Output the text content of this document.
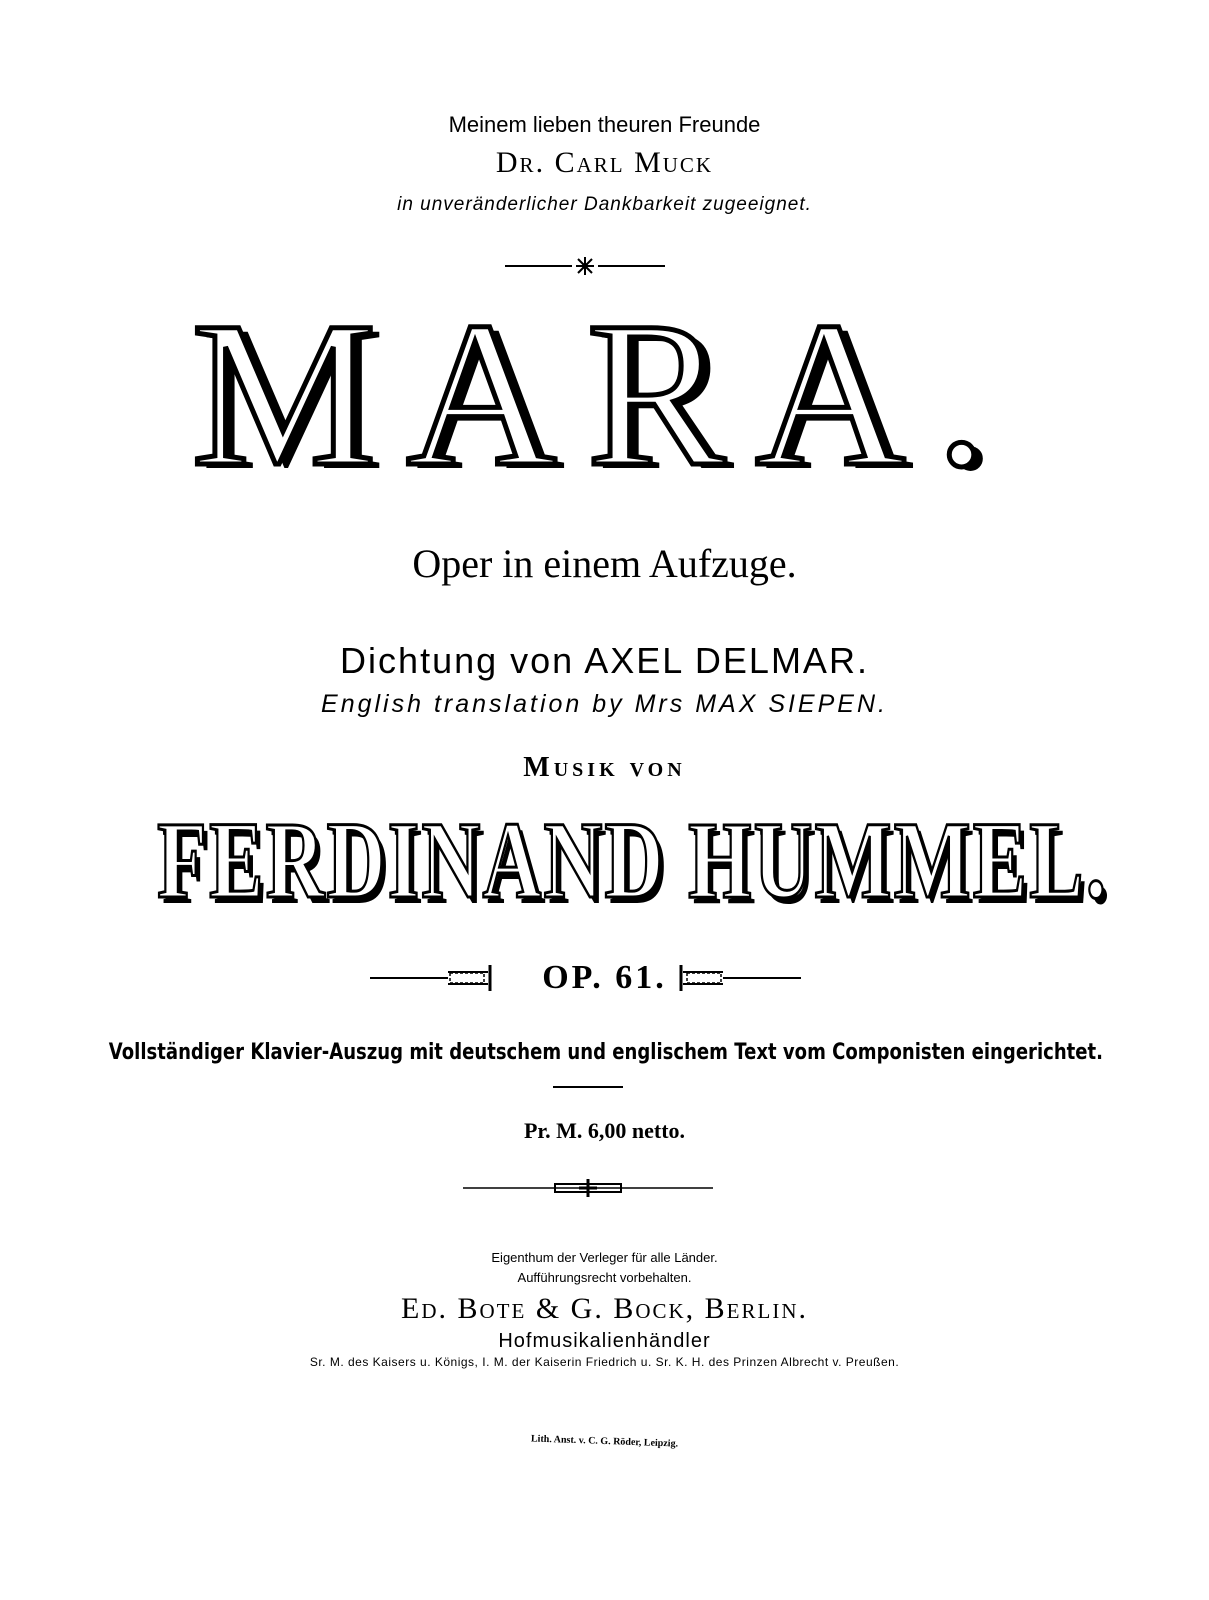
Meinem lieben theuren Freunde
Dr. Carl Muck
in unveränderlicher Dankbarkeit zugeeignet.
MARA.
Oper in einem Aufzuge.
Dichtung von AXEL DELMAR.
English translation by Mrs MAX SIEPEN.
Musik von
FERDINAND HUMMEL.
OP. 61.
Vollständiger Klavier-Auszug mit deutschem und englischem Text vom Componisten eingerichtet.
Pr. M. 6,00 netto.
Eigenthum der Verleger für alle Länder.
Aufführungsrecht vorbehalten.
Ed. Bote & G. Bock, Berlin.
Hofmusikalienhändler
Sr. M. des Kaisers u. Königs, I. M. der Kaiserin Friedrich u. Sr. K. H. des Prinzen Albrecht v. Preußen.
Lith. Anst. v. C. G. Röder, Leipzig.
